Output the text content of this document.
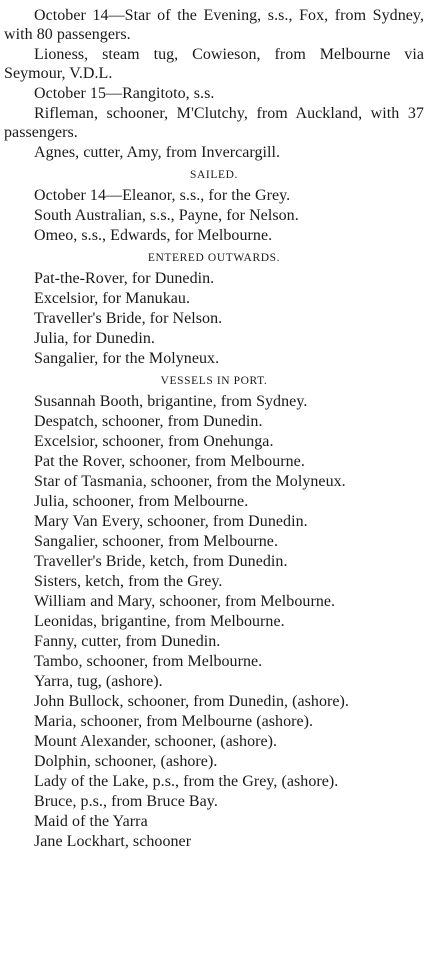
October 14—Star of the Evening, s.s., Fox, from Sydney, with 80 passengers.

Lioness, steam tug, Cowieson, from Melbourne via Seymour, V.D.L.

October 15—Rangitoto, s.s.

Rifleman, schooner, M'Clutchy, from Auckland, with 37 passengers.

Agnes, cutter, Amy, from Invercargill.

SAILED.

October 14—Eleanor, s.s., for the Grey.

South Australian, s.s., Payne, for Nelson.

Omeo, s.s., Edwards, for Melbourne.

ENTERED OUTWARDS.

Pat-the-Rover, for Dunedin.

Excelsior, for Manukau.

Traveller's Bride, for Nelson.

Julia, for Dunedin.

Sangalier, for the Molyneux.

VESSELS IN PORT.

Susannah Booth, brigantine, from Sydney.

Despatch, schooner, from Dunedin.

Excelsior, schooner, from Onehunga.

Pat the Rover, schooner, from Melbourne.

Star of Tasmania, schooner, from the Molyneux.

Julia, schooner, from Melbourne.

Mary Van Every, schooner, from Dunedin.

Sangalier, schooner, from Melbourne.

Traveller's Bride, ketch, from Dunedin.

Sisters, ketch, from the Grey.

William and Mary, schooner, from Melbourne.

Leonidas, brigantine, from Melbourne.

Fanny, cutter, from Dunedin.

Tambo, schooner, from Melbourne.

Yarra, tug, (ashore).

John Bullock, schooner, from Dunedin, (ashore).

Maria, schooner, from Melbourne (ashore).

Mount Alexander, schooner, (ashore).

Dolphin, schooner, (ashore).

Lady of the Lake, p.s., from the Grey, (ashore).

Bruce, p.s., from Bruce Bay.

Maid of the Yarra

Jane Lockhart, schooner
